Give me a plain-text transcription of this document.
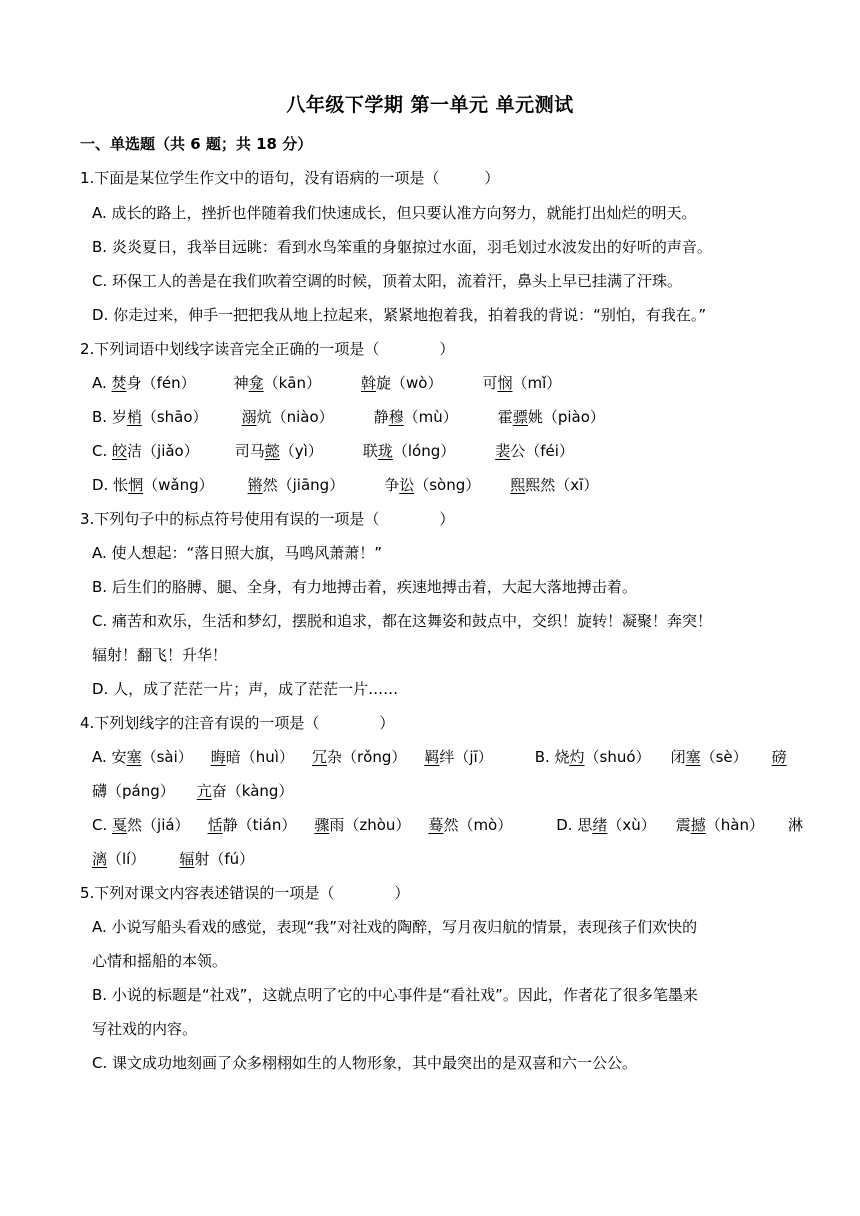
八年级下学期 第一单元 单元测试
一、单选题（共 6 题；共 18 分）
1.下面是某位学生作文中的语句，没有语病的一项是（　　　）
A. 成长的路上，挫折也伴随着我们快速成长，但只要认准方向努力，就能打出灿烂的明天。
B. 炎炎夏日，我举目远眺：看到水鸟笨重的身躯掠过水面，羽毛划过水波发出的好听的声音。
C. 环保工人的善是在我们吹着空调的时候，顶着太阳，流着汗，鼻头上早已挂满了汗珠。
D. 你走过来，伸手一把把我从地上拉起来，紧紧地抱着我，拍着我的背说：“别怕，有我在。”
2.下列词语中划线字读音完全正确的一项是（　　　　）
A. 焚身（fén）	神龛（kān）	斡旋（wò）	可悯（mǐ）
B. 岁梢（shāo） 溺炕（niào）	静穆（mù）	霍骠姚（piào）
C. 皎洁（jiǎo） 司马懿（yì）	联珑（lóng）	裴公（féi）
D. 怅惘（wǎng） 锵然（jiāng）	争讼（sòng） 熙熙然（xī）
3.下列句子中的标点符号使用有误的一项是（　　　　）
A. 使人想起：“落日照大旗，马鸣风萧萧！”
B. 后生们的胳膊、腿、全身，有力地搏击着，疾速地搏击着，大起大落地搏击着。
C. 痛苦和欢乐，生活和梦幻，摆脱和追求，都在这舞姿和鼓点中，交织！旋转！凝聚！奔突！
辐射！翻飞！升华！
D. 人，成了茫茫一片；声，成了茫茫一片……
4.下列划线字的注音有误的一项是（　　　　）
A. 安塞（sài） 晦暗（huì） 冗杂（rǒng） 羁绊（jī）	B. 烧灼（shuó） 闭塞（sè） 磅
礴（páng） 亢奋（kàng）
C. 戛然（jiá） 恬静（tián） 骤雨（zhòu） 蓦然（mò）	D. 思绪（xù） 震撼（hàn） 淋
漓（lí） 辐射（fú）
5.下列对课文内容表述错误的一项是（　　　　）
A. 小说写船头看戏的感觉，表现“我”对社戏的陶醉，写月夜归航的情景，表现孩子们欢快的
心情和摇船的本领。
B. 小说的标题是“社戏”，这就点明了它的中心事件是“看社戏”。因此，作者花了很多笔墨来
写社戏的内容。
C. 课文成功地刻画了众多栩栩如生的人物形象，其中最突出的是双喜和六一公公。
